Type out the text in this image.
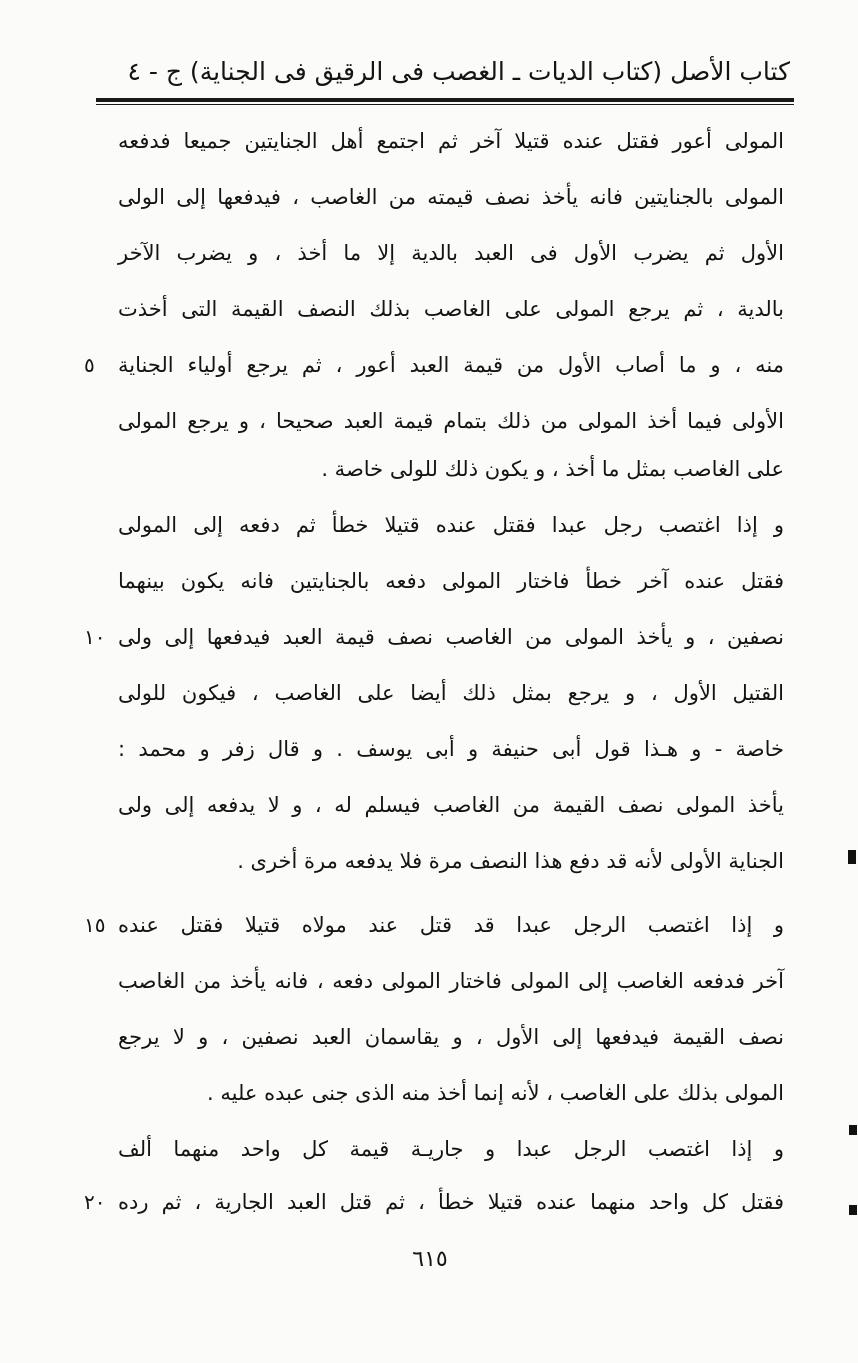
كتاب الأصل (كتاب الديات ـ الغصب فى الرقيق فى الجناية) ج - ٤
المولى أعور فقتل عنده قتيلا آخر ثم اجتمع أهل الجنايتين جميعا فدفعه
المولى بالجنايتين فانه يأخذ نصف قيمته من الغاصب ، فيدفعها إلى الولى
الأول ثم يضرب الأول فى العبد بالدية إلا ما أخذ ، و يضرب الآخر
بالدية ، ثم يرجع المولى على الغاصب بذلك النصف القيمة التى أخذت
منه ، و ما أصاب الأول من قيمة العبد أعور ، ثم يرجع أولياء الجناية
٥
الأولى فيما أخذ المولى من ذلك بتمام قيمة العبد صحيحا ، و يرجع المولى
على الغاصب بمثل ما أخذ ، و يكون ذلك للولى خاصة .
و إذا اغتصب رجل عبدا فقتل عنده قتيلا خطأ ثم دفعه إلى المولى
فقتل عنده آخر خطأ فاختار المولى دفعه بالجنايتين فانه يكون بينهما
نصفين ، و يأخذ المولى من الغاصب نصف قيمة العبد فيدفعها إلى ولى
١٠
القتيل الأول ، و يرجع بمثل ذلك أيضا على الغاصب ، فيكون للولى
خاصة - و هـذا قول أبى حنيفة و أبى يوسف . و قال زفر و محمد :
يأخذ المولى نصف القيمة من الغاصب فيسلم له ، و لا يدفعه إلى ولى
الجناية الأولى لأنه قد دفع هذا النصف مرة فلا يدفعه مرة أخرى .
و إذا اغتصب الرجل عبدا قد قتل عند مولاه قتيلا فقتل عنده
١٥
آخر فدفعه الغاصب إلى المولى فاختار المولى دفعه ، فانه يأخذ من الغاصب
نصف القيمة فيدفعها إلى الأول ، و يقاسمان العبد نصفين ، و لا يرجع
المولى بذلك على الغاصب ، لأنه إنما أخذ منه الذى جنى عبده عليه .
و إذا اغتصب الرجل عبدا و جاريـة قيمة كل واحد منهما ألف
فقتل كل واحد منهما عنده قتيلا خطأ ، ثم قتل العبد الجارية ، ثم رده
٢٠
٦١٥
